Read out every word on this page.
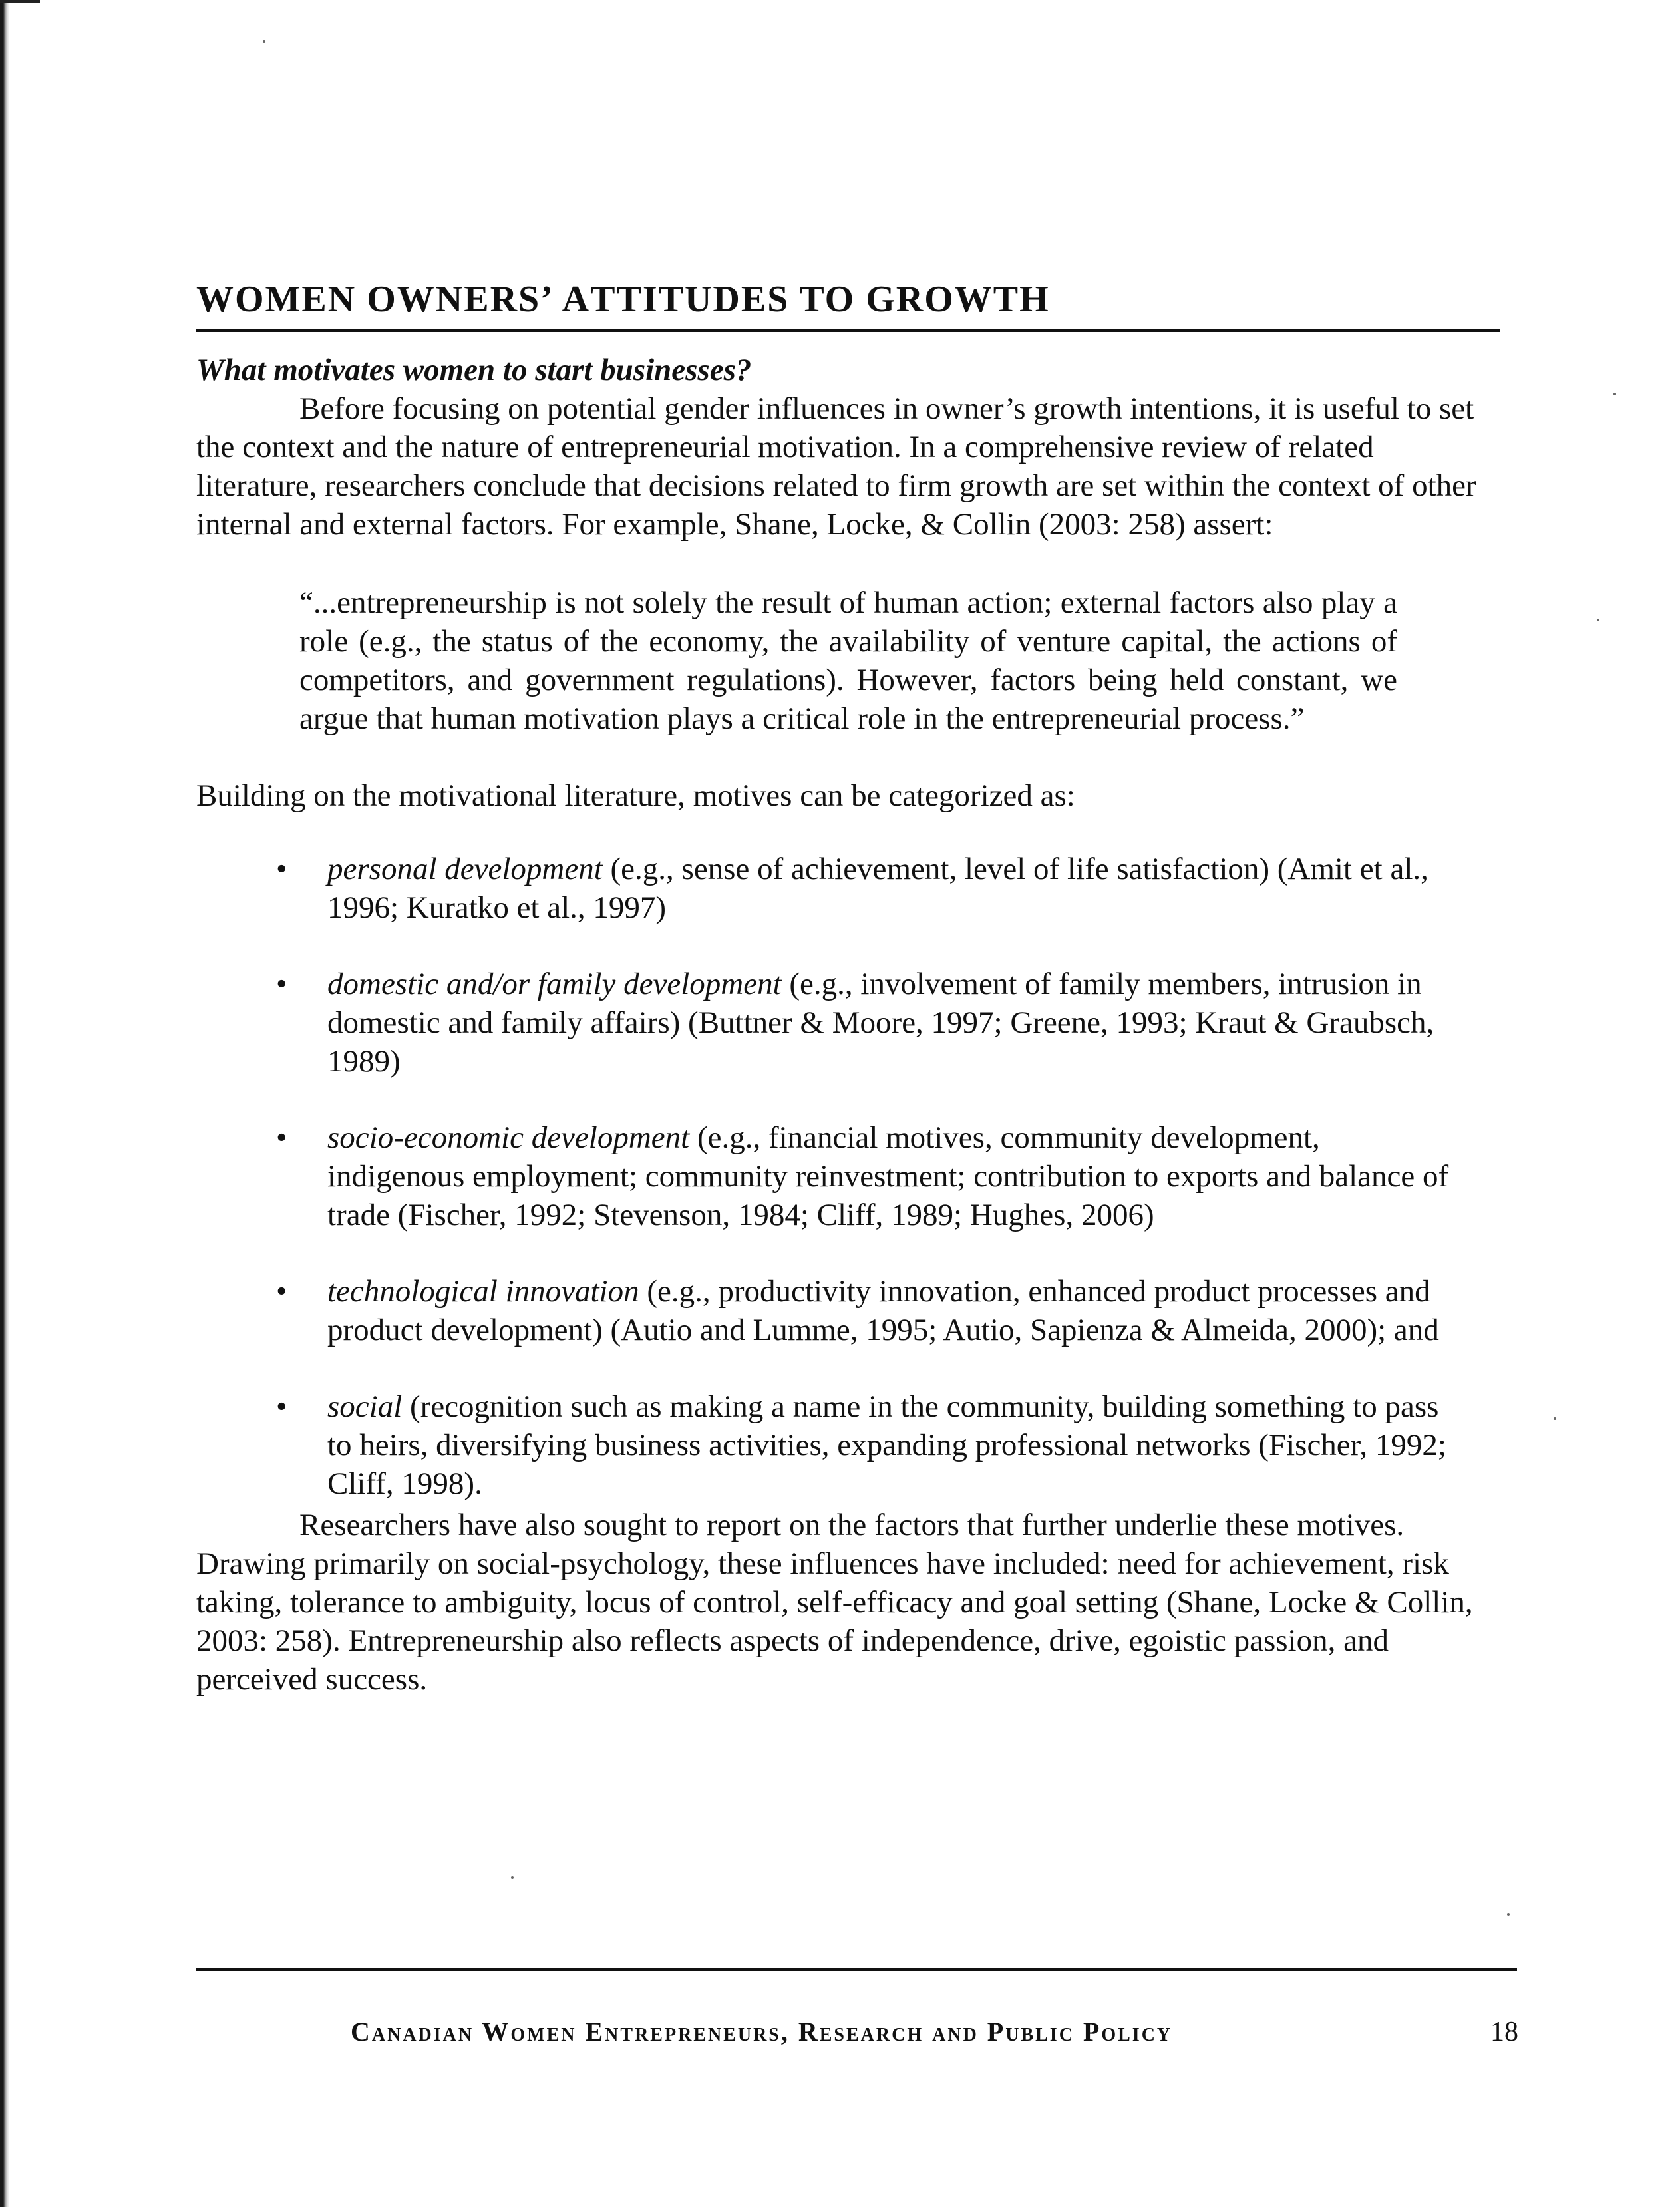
WOMEN OWNERS’ ATTITUDES TO GROWTH
What motivates women to start businesses?

Before focusing on potential gender influences in owner’s growth intentions, it is useful to set the context and the nature of entrepreneurial motivation. In a comprehensive review of related literature, researchers conclude that decisions related to firm growth are set within the context of other internal and external factors. For example, Shane, Locke, & Collin (2003: 258) assert:

“...entrepreneurship is not solely the result of human action; external factors also play a role (e.g., the status of the economy, the availability of venture capital, the actions of competitors, and government regulations). However, factors being held constant, we argue that human motivation plays a critical role in the entrepreneurial process.”

Building on the motivational literature, motives can be categorized as:

• personal development (e.g., sense of achievement, level of life satisfaction) (Amit et al., 1996; Kuratko et al., 1997)
• domestic and/or family development (e.g., involvement of family members, intrusion in domestic and family affairs) (Buttner & Moore, 1997; Greene, 1993; Kraut & Graubsch, 1989)
• socio-economic development (e.g., financial motives, community development, indigenous employment; community reinvestment; contribution to exports and balance of trade (Fischer, 1992; Stevenson, 1984; Cliff, 1989; Hughes, 2006)
• technological innovation (e.g., productivity innovation, enhanced product processes and product development) (Autio and Lumme, 1995; Autio, Sapienza & Almeida, 2000); and
• social (recognition such as making a name in the community, building something to pass to heirs, diversifying business activities, expanding professional networks (Fischer, 1992; Cliff, 1998).

Researchers have also sought to report on the factors that further underlie these motives. Drawing primarily on social-psychology, these influences have included: need for achievement, risk taking, tolerance to ambiguity, locus of control, self-efficacy and goal setting (Shane, Locke & Collin, 2003: 258). Entrepreneurship also reflects aspects of independence, drive, egoistic passion, and perceived success.

Canadian Women Entrepreneurs, Research and Public Policy	18
